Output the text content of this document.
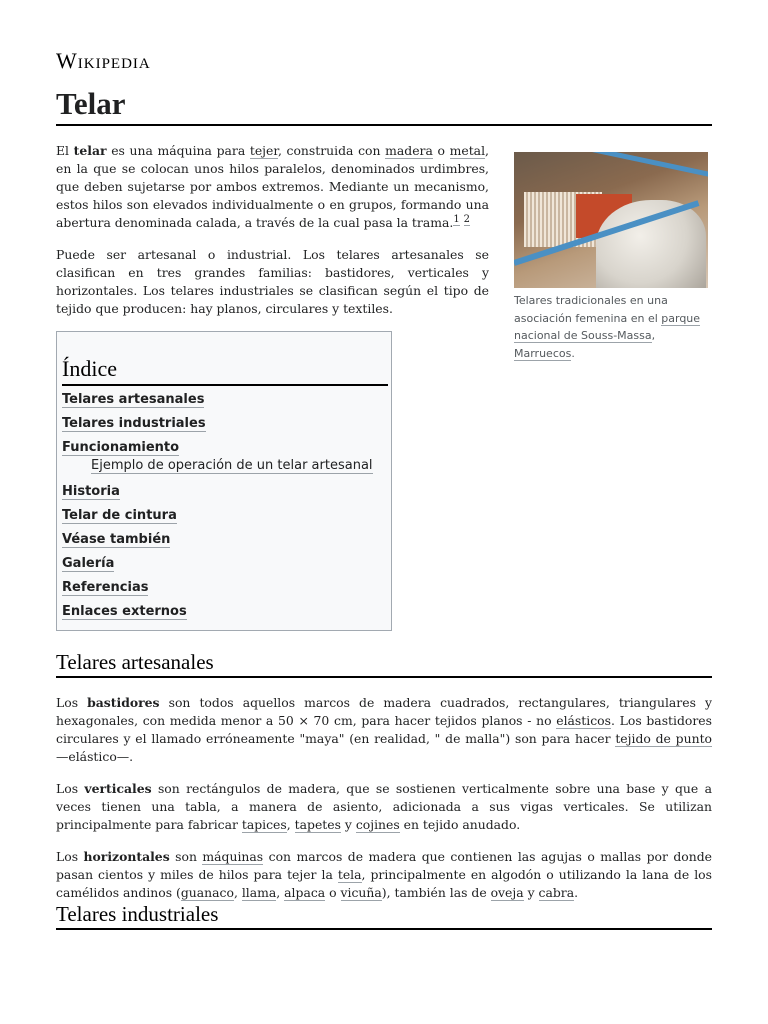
Wikipedia
Telar

El telar es una máquina para tejer, construida con madera o metal, en la que se colocan unos hilos paralelos, denominados urdimbres, que deben sujetarse por ambos extremos. Mediante un mecanismo, estos hilos son elevados individualmente o en grupos, formando una abertura denominada calada, a través de la cual pasa la trama.$^1$ $^2$

Puede ser artesanal o industrial. Los telares artesanales se clasifican en tres grandes familias: bastidores, verticales y horizontales. Los telares industriales se clasifican según el tipo de tejido que producen: hay planos, circulares y textiles.

Telares tradicionales en una asociación femenina en el parque nacional de Souss-Massa, Marruecos.
Índice
Telares artesanales
Telares industriales
Funcionamiento
Ejemplo de operación de un telar artesanal
Historia
Telar de cintura
Véase también
Galería
Referencias
Enlaces externos
Telares artesanales

Los bastidores son todos aquellos marcos de madera cuadrados, rectangulares, triangulares y hexagonales, con medida menor a 50 × 70 cm, para hacer tejidos planos - no elásticos. Los bastidores circulares y el llamado erróneamente "maya" (en realidad, " de malla") son para hacer tejido de punto —elástico—.

Los verticales son rectángulos de madera, que se sostienen verticalmente sobre una base y que a veces tienen una tabla, a manera de asiento, adicionada a sus vigas verticales. Se utilizan principalmente para fabricar tapices, tapetes y cojines en tejido anudado.

Los horizontales son máquinas con marcos de madera que contienen las agujas o mallas por donde pasan cientos y miles de hilos para tejer la tela, principalmente en algodón o utilizando la lana de los camélidos andinos (guanaco, llama, alpaca o vicuña), también las de oveja y cabra.

Telares industriales
